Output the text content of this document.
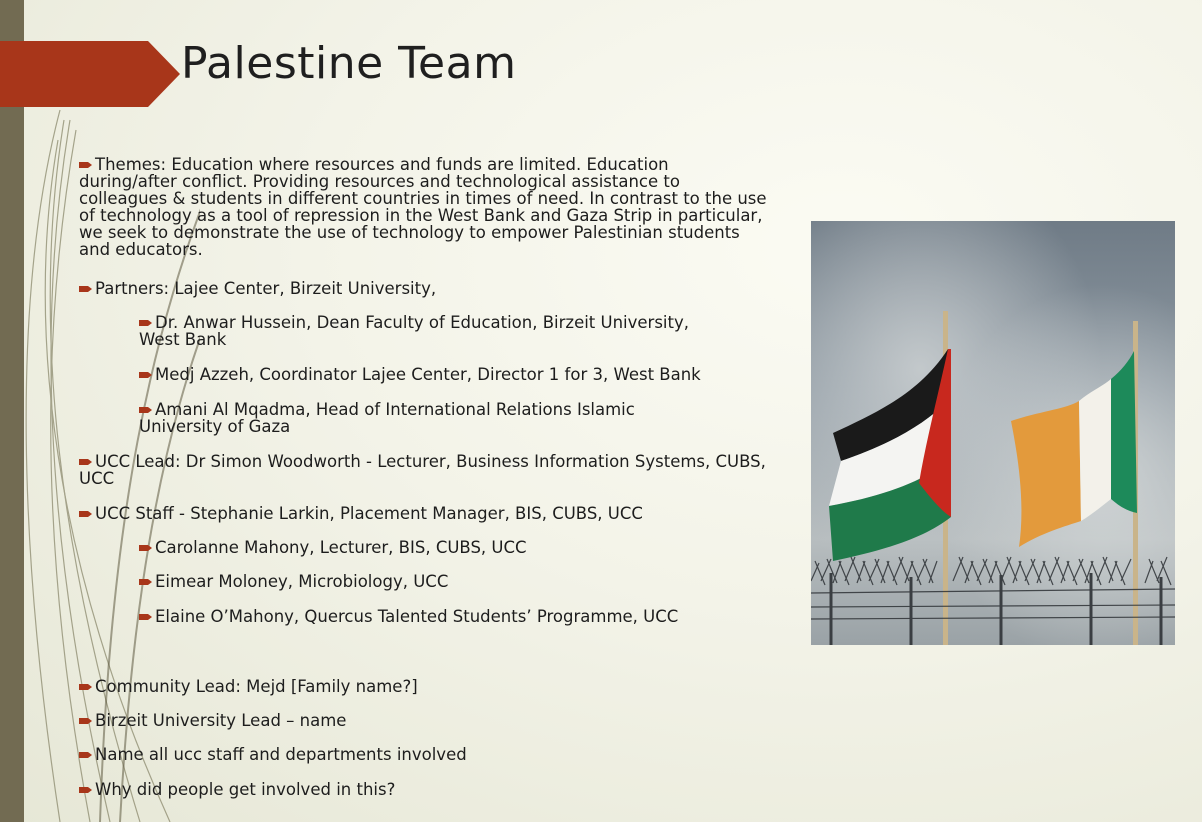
Palestine Team
Themes: Education where resources and funds are limited. Education during/after conflict. Providing resources and technological assistance to colleagues & students in different countries in times of need. In contrast to the use of technology as a tool of repression in the West Bank and Gaza Strip in particular, we seek to demonstrate the use of technology to empower Palestinian students and educators.
Partners: Lajee Center, Birzeit University,
Dr. Anwar Hussein, Dean Faculty of Education, Birzeit University, West Bank
Medj Azzeh, Coordinator Lajee Center, Director 1 for 3, West Bank
Amani Al Mqadma, Head of International Relations Islamic University of Gaza
UCC Lead: Dr Simon Woodworth - Lecturer, Business Information Systems, CUBS, UCC
UCC Staff - Stephanie Larkin, Placement Manager, BIS, CUBS, UCC
Carolanne Mahony, Lecturer, BIS, CUBS, UCC
Eimear Moloney, Microbiology, UCC
Elaine O’Mahony, Quercus Talented Students’ Programme, UCC
Community Lead: Mejd [Family name?]
Birzeit University Lead – name
Name all ucc staff and departments involved
Why did people get involved in this?
